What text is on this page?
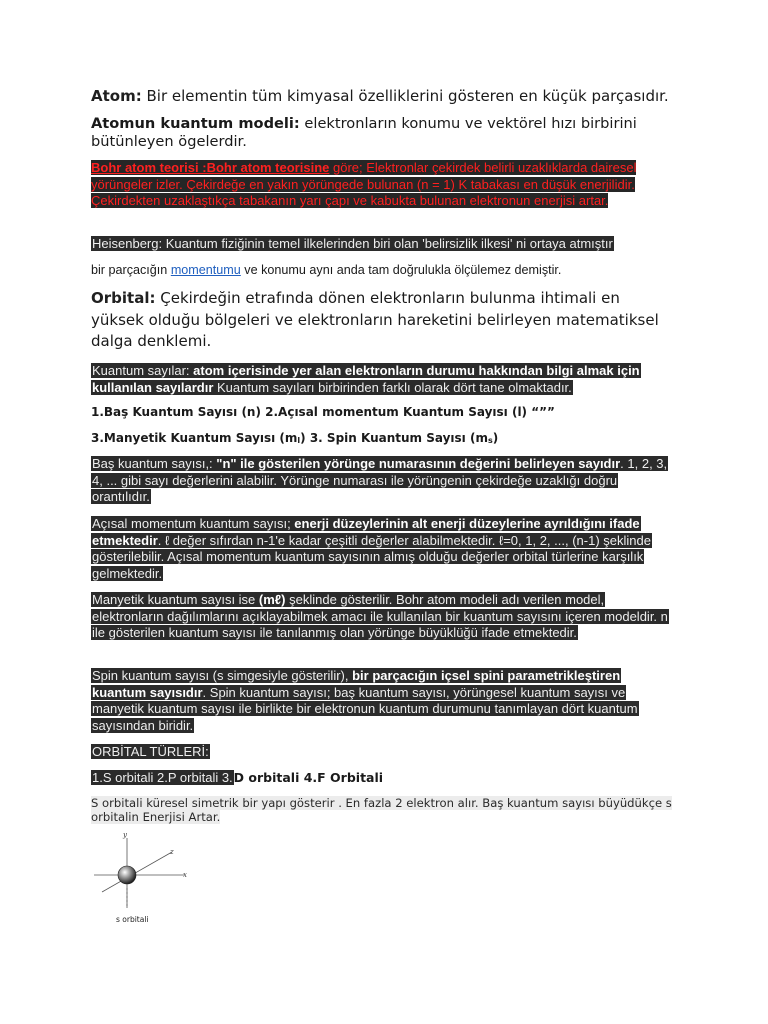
Atom: Bir elementin tüm kimyasal özelliklerini gösteren en küçük parçasıdır.

Atomun kuantum modeli: elektronların konumu ve vektörel hızı birbirini bütünleyen ögelerdir.

Bohr atom teorisi :Bohr atom teorisine göre; Elektronlar çekirdek belirli uzaklıklarda dairesel yörüngeler izler. Çekirdeğe en yakın yörüngede bulunan (n = 1) K tabakası en düşük enerjilidir. Çekirdekten uzaklaştıkça tabakanın yarı çapı ve kabukta bulunan elektronun enerjisi artar.

Heisenberg: Kuantum fiziğinin temel ilkelerinden biri olan 'belirsizlik ilkesi' ni ortaya atmıştır

bir parçacığın momentumu ve konumu aynı anda tam doğrulukla ölçülemez demiştir.

Orbital: Çekirdeğin etrafında dönen elektronların bulunma ihtimali en yüksek olduğu bölgeleri ve elektronların hareketini belirleyen matematiksel dalga denklemi.

Kuantum sayılar: atom içerisinde yer alan elektronların durumu hakkından bilgi almak için kullanılan sayılardır Kuantum sayıları birbirinden farklı olarak dört tane olmaktadır.

1.Baş Kuantum Sayısı (n) 2.Açısal momentum Kuantum Sayısı (l) “””

3.Manyetik Kuantum Sayısı (ml) 3. Spin Kuantum Sayısı (ms)

Baş kuantum sayısı,: "n" ile gösterilen yörünge numarasının değerini belirleyen sayıdır. 1, 2, 3, 4, ... gibi sayı değerlerini alabilir. Yörünge numarası ile yörüngenin çekirdeğe uzaklığı doğru orantılıdır.

Açısal momentum kuantum sayısı; enerji düzeylerinin alt enerji düzeylerine ayrıldığını ifade etmektedir. ℓ değer sıfırdan n-1'e kadar çeşitli değerler alabilmektedir. ℓ=0, 1, 2, ..., (n-1) şeklinde gösterilebilir. Açısal momentum kuantum sayısının almış olduğu değerler orbital türlerine karşılık gelmektedir.

Manyetik kuantum sayısı ise (mℓ) şeklinde gösterilir. Bohr atom modeli adı verilen model, elektronların dağılımlarını açıklayabilmek amacı ile kullanılan bir kuantum sayısını içeren modeldir. n ile gösterilen kuantum sayısı ile tanılanmış olan yörünge büyüklüğü ifade etmektedir.

Spin kuantum sayısı (s simgesiyle gösterilir), bir parçacığın içsel spini parametrikleştiren kuantum sayısıdır. Spin kuantum sayısı; baş kuantum sayısı, yörüngesel kuantum sayısı ve manyetik kuantum sayısı ile birlikte bir elektronun kuantum durumunu tanımlayan dört kuantum sayısından biridir.

ORBİTAL TÜRLERİ:

1.S orbitali 2.P orbitali 3.D orbitali 4.F Orbitali

S orbitali küresel simetrik bir yapı gösterir . En fazla 2 elektron alır. Baş kuantum sayısı büyüdükçe s orbitalin Enerjisi Artar.

y
z
x
s orbitali
